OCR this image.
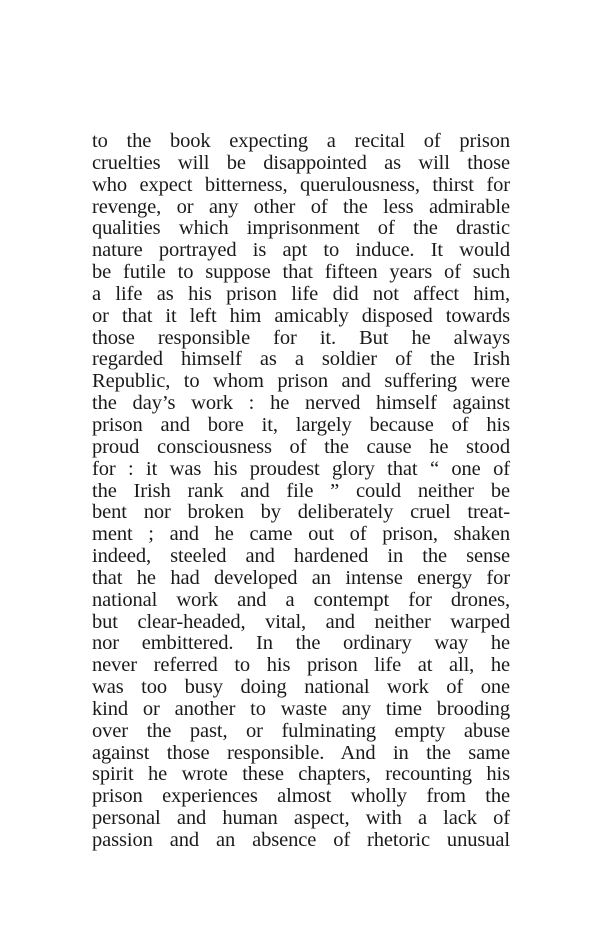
to the book expecting a recital of prison
cruelties will be disappointed as will those
who expect bitterness, querulousness, thirst for
revenge, or any other of the less admirable
qualities which imprisonment of the drastic
nature portrayed is apt to induce. It would
be futile to suppose that fifteen years of such
a life as his prison life did not affect him,
or that it left him amicably disposed towards
those responsible for it. But he always
regarded himself as a soldier of the Irish
Republic, to whom prison and suffering were
the day’s work : he nerved himself against
prison and bore it, largely because of his
proud consciousness of the cause he stood
for : it was his proudest glory that “ one of
the Irish rank and file ” could neither be
bent nor broken by deliberately cruel treat-
ment ; and he came out of prison, shaken
indeed, steeled and hardened in the sense
that he had developed an intense energy for
national work and a contempt for drones,
but clear-headed, vital, and neither warped
nor embittered. In the ordinary way he
never referred to his prison life at all, he
was too busy doing national work of one
kind or another to waste any time brooding
over the past, or fulminating empty abuse
against those responsible. And in the same
spirit he wrote these chapters, recounting his
prison experiences almost wholly from the
personal and human aspect, with a lack of
passion and an absence of rhetoric unusual
